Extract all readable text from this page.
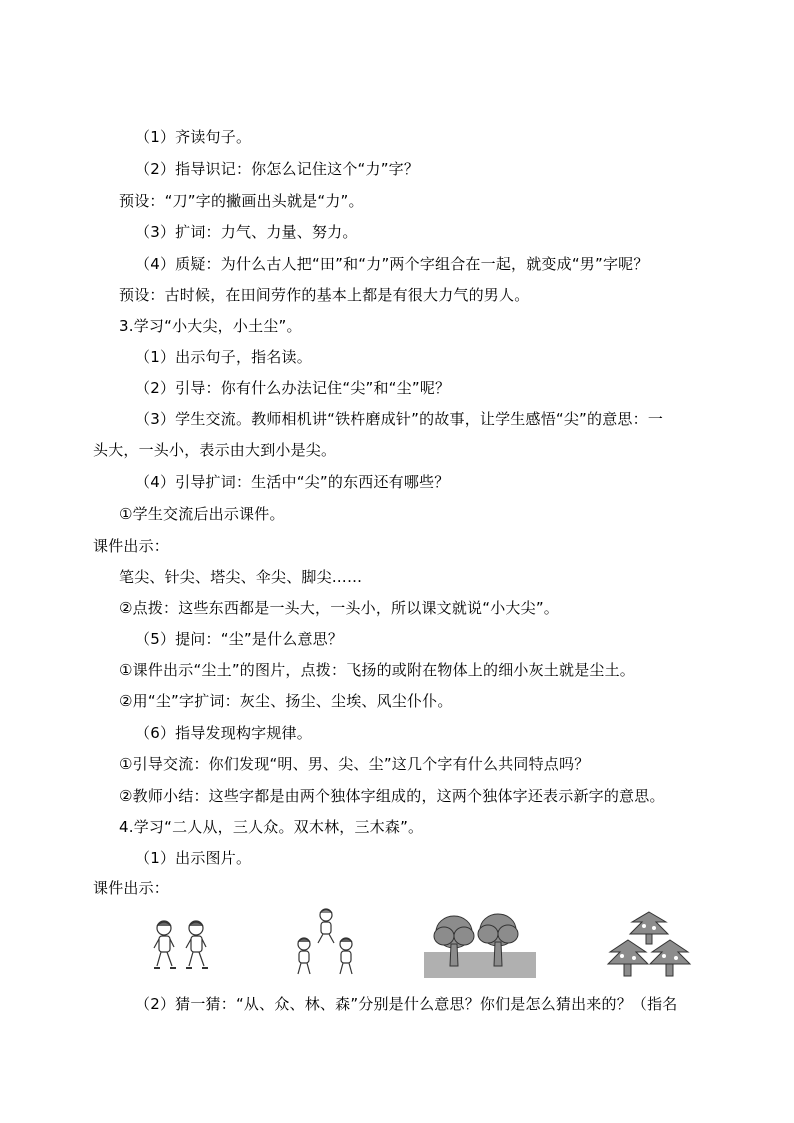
（1）齐读句子。
（2）指导识记：你怎么记住这个“力”字？
预设：“刀”字的撇画出头就是“力”。
（3）扩词：力气、力量、努力。
（4）质疑：为什么古人把“田”和“力”两个字组合在一起，就变成“男”字呢？
预设：古时候，在田间劳作的基本上都是有很大力气的男人。
3.学习“小大尖，小土尘”。
（1）出示句子，指名读。
（2）引导：你有什么办法记住“尖”和“尘”呢？
（3）学生交流。教师相机讲“铁杵磨成针”的故事，让学生感悟“尖”的意思：一
头大，一头小，表示由大到小是尖。
（4）引导扩词：生活中“尖”的东西还有哪些？
①学生交流后出示课件。
课件出示：
笔尖、针尖、塔尖、伞尖、脚尖……
②点拨：这些东西都是一头大，一头小，所以课文就说“小大尖”。
（5）提问：“尘”是什么意思？
①课件出示“尘土”的图片，点拨：飞扬的或附在物体上的细小灰土就是尘土。
②用“尘”字扩词：灰尘、扬尘、尘埃、风尘仆仆。
（6）指导发现构字规律。
①引导交流：你们发现“明、男、尖、尘”这几个字有什么共同特点吗？
②教师小结：这些字都是由两个独体字组成的，这两个独体字还表示新字的意思。
4.学习“二人从，三人众。双木林，三木森”。
（1）出示图片。
课件出示：
（2）猜一猜：“从、众、林、森”分别是什么意思？你们是怎么猜出来的？（指名
